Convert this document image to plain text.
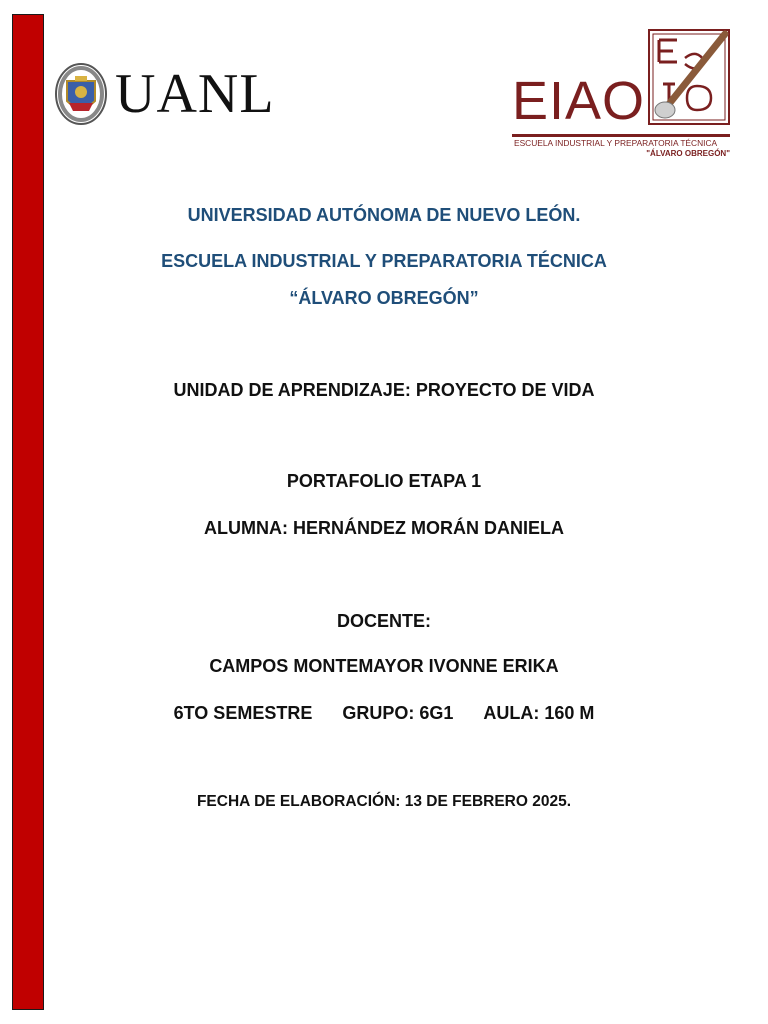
UANL	EIAO
ESCUELA INDUSTRIAL Y PREPARATORIA TÉCNICA
"ÁLVARO OBREGÓN"
UNIVERSIDAD AUTÓNOMA DE NUEVO LEÓN.
ESCUELA INDUSTRIAL Y PREPARATORIA TÉCNICA
“ÁLVARO OBREGÓN”
UNIDAD DE APRENDIZAJE: PROYECTO DE VIDA
PORTAFOLIO ETAPA 1
ALUMNA: HERNÁNDEZ MORÁN DANIELA
DOCENTE:
CAMPOS MONTEMAYOR IVONNE ERIKA
6TO SEMESTRE GRUPO: 6G1 AULA: 160 M
FECHA DE ELABORACIÓN: 13 DE FEBRERO 2025.
